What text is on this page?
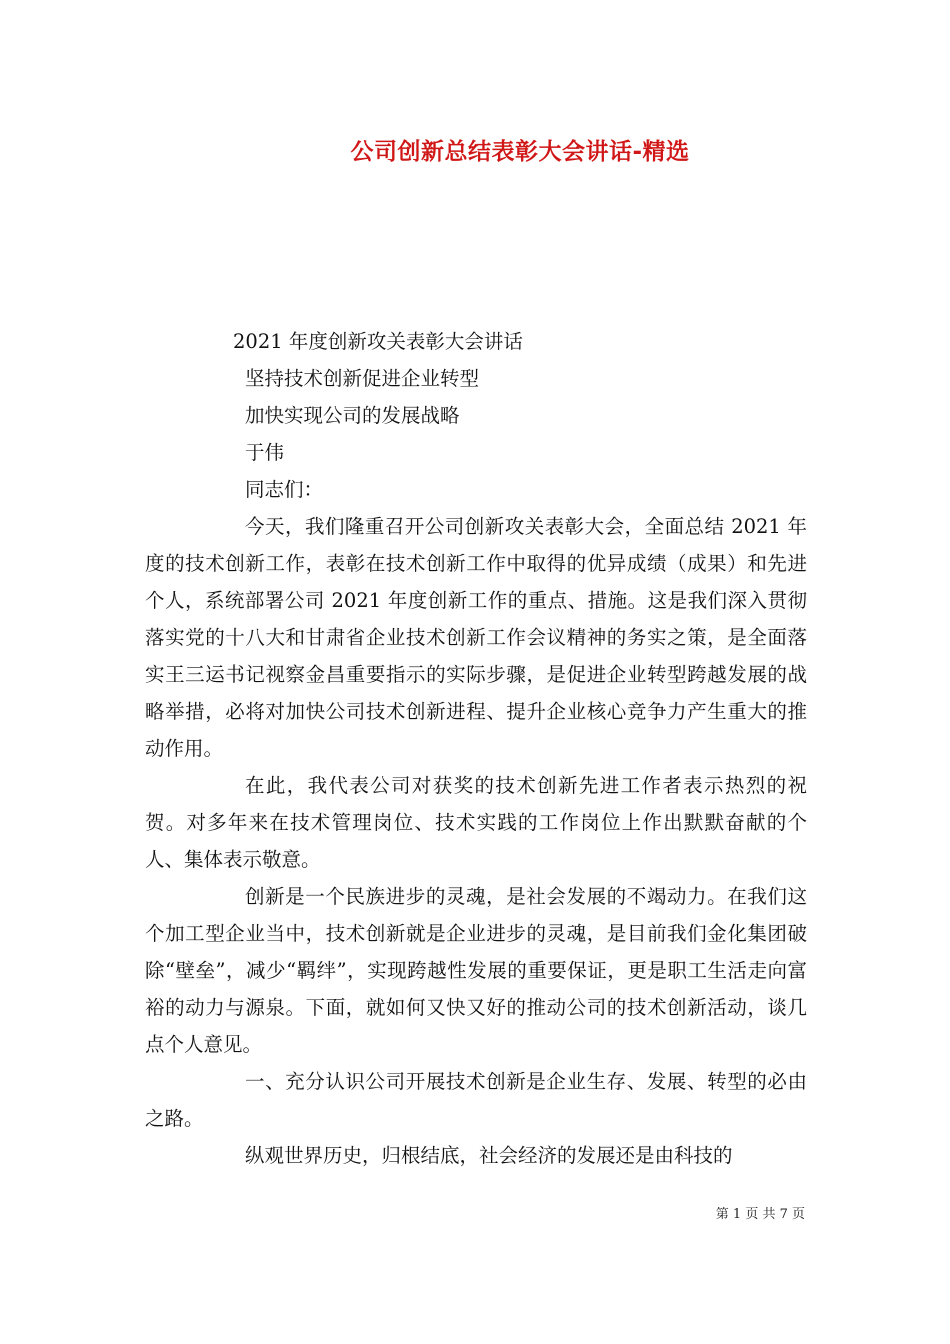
公司创新总结表彰大会讲话-精选
2021 年度创新攻关表彰大会讲话
坚持技术创新促进企业转型
加快实现公司的发展战略
于伟
同志们：

今天，我们隆重召开公司创新攻关表彰大会，全面总结 2021 年度的技术创新工作，表彰在技术创新工作中取得的优异成绩（成果）和先进个人，系统部署公司 2021 年度创新工作的重点、措施。这是我们深入贯彻落实党的十八大和甘肃省企业技术创新工作会议精神的务实之策，是全面落实王三运书记视察金昌重要指示的实际步骤，是促进企业转型跨越发展的战略举措，必将对加快公司技术创新进程、提升企业核心竞争力产生重大的推动作用。

在此，我代表公司对获奖的技术创新先进工作者表示热烈的祝贺。对多年来在技术管理岗位、技术实践的工作岗位上作出默默奋献的个人、集体表示敬意。

创新是一个民族进步的灵魂，是社会发展的不竭动力。在我们这个加工型企业当中，技术创新就是企业进步的灵魂，是目前我们金化集团破除“壁垒”，减少“羁绊”，实现跨越性发展的重要保证，更是职工生活走向富裕的动力与源泉。下面，就如何又快又好的推动公司的技术创新活动，谈几点个人意见。

一、充分认识公司开展技术创新是企业生存、发展、转型的必由之路。

纵观世界历史，归根结底，社会经济的发展还是由科技的

第 1 页 共 7 页
